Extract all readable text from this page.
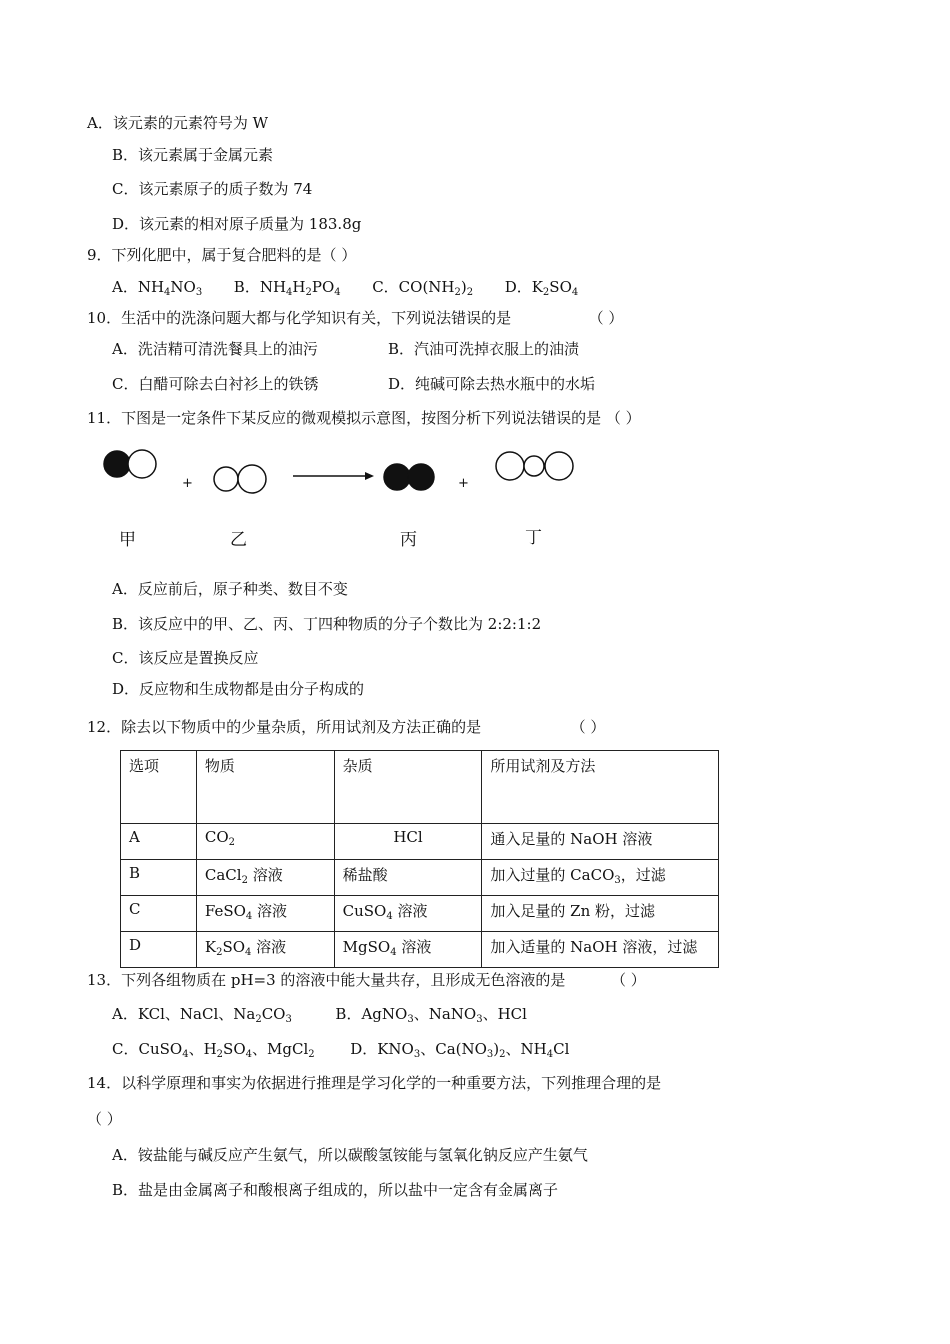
A．该元素的元素符号为 W
B．该元素属于金属元素
C．该元素原子的质子数为 74
D．该元素的相对原子质量为 183.8g
9．下列化肥中，属于复合肥料的是（ ）
A．$NH_4NO_3$ B．$NH_4H_2PO_4$ C．$CO(NH_2)_2$ D．$K_2SO_4$
10．生活中的洗涤问题大都与化学知识有关，下列说法错误的是	（ ）
A．洗洁精可清洗餐具上的油污	B．汽油可洗掉衣服上的油渍
C．白醋可除去白衬衫上的铁锈	D．纯碱可除去热水瓶中的水垢
11．下图是一定条件下某反应的微观模拟示意图，按图分析下列说法错误的是 （ ）
+	+
甲	乙	丙	丁
A．反应前后，原子种类、数目不变
B．该反应中的甲、乙、丙、丁四种物质的分子个数比为 2:2:1:2
C．该反应是置换反应
D．反应物和生成物都是由分子构成的
12．除去以下物质中的少量杂质，所用试剂及方法正确的是	（ ）
选项	物质	杂质	所用试剂及方法
A	$CO_2$	HCl	通入足量的 NaOH 溶液
B	CaCl$_2$ 溶液	稀盐酸	加入过量的 CaCO$_3$，过滤
C	FeSO$_4$ 溶液	CuSO$_4$ 溶液	加入足量的 Zn 粉，过滤
D	$K_2SO_4$ 溶液	MgSO$_4$ 溶液	加入适量的 NaOH 溶液，过滤
13．下列各组物质在 pH=3 的溶液中能大量共存，且形成无色溶液的是	（ ）
A．KCl、NaCl、$Na_2CO_3$	B．AgNO$_3$、NaNO$_3$、HCl
C．CuSO$_4$、$H_2SO_4$、MgCl$_2$ D．$KNO_3$、$Ca(NO_3)_2$、$NH_4Cl$
14．以科学原理和事实为依据进行推理是学习化学的一种重要方法，下列推理合理的是
（ ）
A．铵盐能与碱反应产生氨气，所以碳酸氢铵能与氢氧化钠反应产生氨气
B．盐是由金属离子和酸根离子组成的，所以盐中一定含有金属离子
